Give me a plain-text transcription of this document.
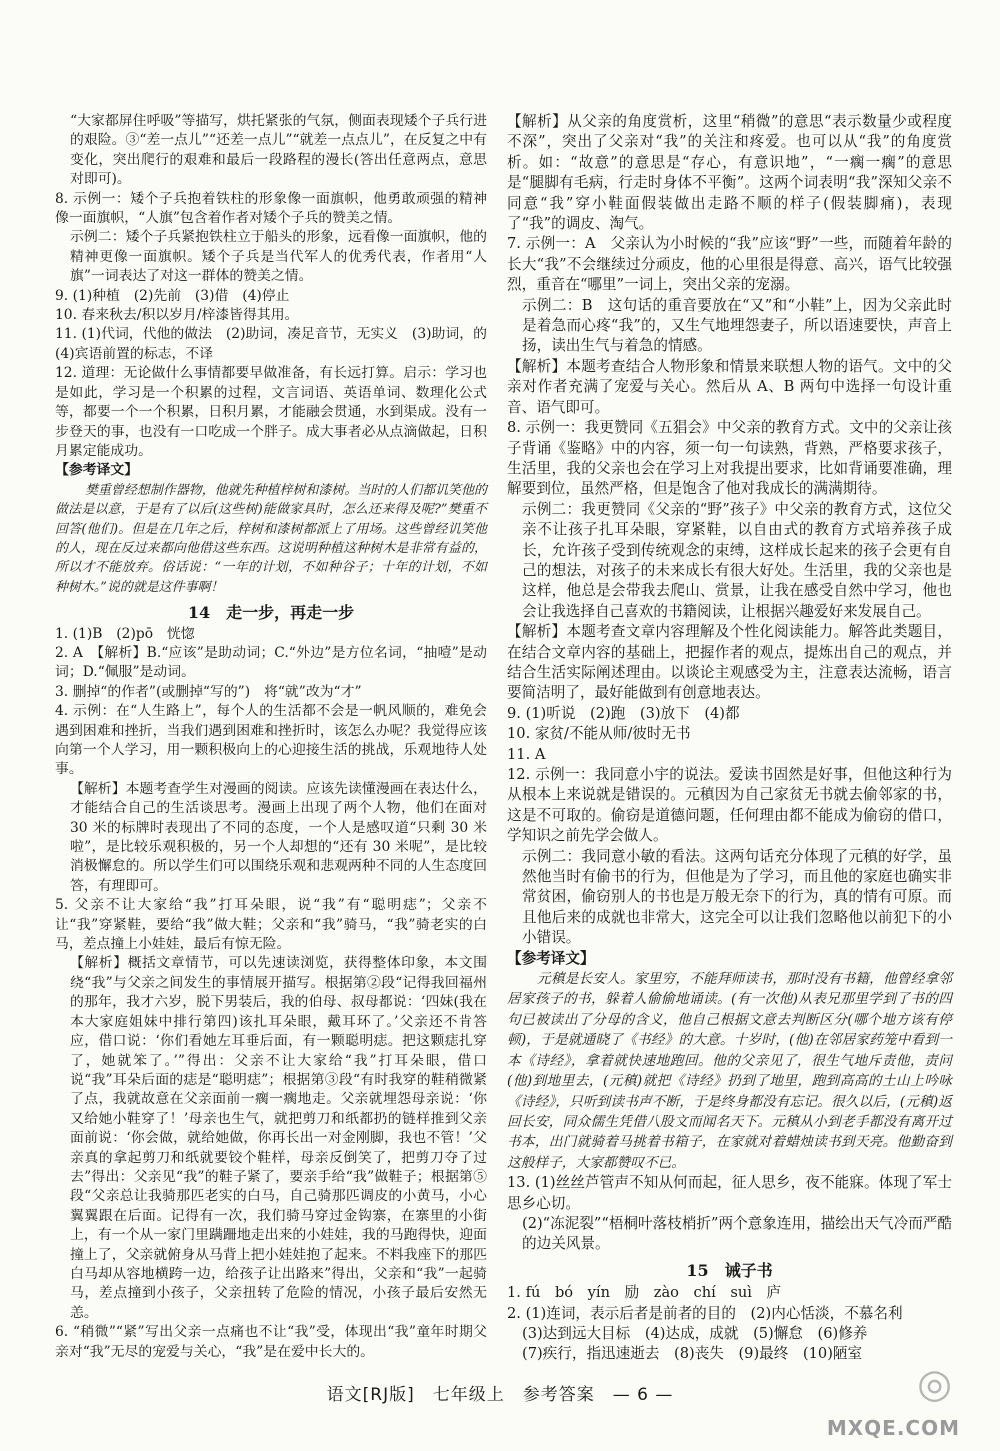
“大家都屏住呼吸”等描写，烘托紧张的气氛，侧面表现矮个子兵行进的艰险。③“差一点儿”“还差一点儿”“就差一点点儿”，在反复之中有变化，突出爬行的艰难和最后一段路程的漫长(答出任意两点，意思对即可)。

8. 示例一：矮个子兵抱着铁柱的形象像一面旗帜，他勇敢顽强的精神像一面旗帜，“人旗”包含着作者对矮个子兵的赞美之情。

示例二：矮个子兵紧抱铁柱立于船头的形象，远看像一面旗帜，他的精神更像一面旗帜。矮个子兵是当代军人的优秀代表，作者用“人旗”一词表达了对这一群体的赞美之情。

9. (1)种植　(2)先前　(3)借　(4)停止

10. 春来秋去/积以岁月/梓漆皆得其用。

11. (1)代词，代他的做法　(2)助词，凑足音节，无实义　(3)助词，的　(4)宾语前置的标志，不译

12. 道理：无论做什么事情都要早做准备，有长远打算。启示：学习也是如此，学习是一个积累的过程，文言词语、英语单词、数理化公式等，都要一个一个积累，日积月累，才能融会贯通，水到渠成。没有一步登天的事，也没有一口吃成一个胖子。成大事者必从点滴做起，日积月累定能成功。

【参考译文】

樊重曾经想制作器物，他就先种植梓树和漆树。当时的人们都讥笑他的做法是以意，于是有了以后(这些树)能做家具时，怎么还来得及呢?”樊重不回答(他们)。但是在几年之后，梓树和漆树都派上了用场。这些曾经讥笑他的人，现在反过来都向他借这些东西。这说明种植这种树木是非常有益的，所以才不能放弃。俗话说：“一年的计划，不如种谷子；十年的计划，不如种树木。”说的就是这件事啊！

14　走一步，再走一步

1. (1)B　(2)pō　恍惚

2. A　【解析】B.“应该”是助动词；C.“外边”是方位名词，“抽噎”是动词；D.“佩服”是动词。

3. 删掉“的作者”(或删掉“写的”)　将“就”改为“才”

4. 示例：在“人生路上”，每个人的生活都不会是一帆风顺的，难免会遇到困难和挫折，当我们遇到困难和挫折时，该怎么办呢？我觉得应该向第一个人学习，用一颗积极向上的心迎接生活的挑战，乐观地待人处事。

【解析】本题考查学生对漫画的阅读。应该先读懂漫画在表达什么，才能结合自己的生活谈思考。漫画上出现了两个人物，他们在面对 30 米的标牌时表现出了不同的态度，一个人是感叹道“只剩 30 米啦”，是比较乐观积极的，另一个人却想的“还有 30 米呢”，是比较消极懈怠的。所以学生们可以围绕乐观和悲观两种不同的人生态度回答，有理即可。

5. 父亲不让大家给“我”打耳朵眼，说“我”有“聪明痣”；父亲不让“我”穿紧鞋，要给“我”做大鞋；父亲和“我”骑马，“我”骑老实的白马，差点撞上小娃娃，最后有惊无险。

【解析】概括文章情节，可以先速读浏览，获得整体印象，本文围绕“我”与父亲之间发生的事情展开描写。根据第②段“记得我回福州的那年，我才六岁，脱下男装后，我的伯母、叔母都说：‘四妹(我在本大家庭姐妹中排行第四)该扎耳朵眼，戴耳环了。’父亲还不肯答应，借口说：‘你们看她左耳垂后面，有一颗聪明痣。把这颗痣扎穿了，她就笨了。’”得出：父亲不让大家给“我”打耳朵眼，借口说“我”耳朵后面的痣是“聪明痣”；根据第③段“有时我穿的鞋稍微紧了点，我就故意在父亲面前一瘸一瘸地走。父亲就埋怨母亲说：‘你又给她小鞋穿了！’母亲也生气，就把剪刀和纸都扔的链样推到父亲面前说：‘你会做，就给她做，你再长出一对金刚脚，我也不管！’父亲真的拿起剪刀和纸就要铰个鞋样，母亲反倒笑了，把剪刀夺了过去”得出：父亲见“我”的鞋子紧了，要亲手给“我”做鞋子；根据第⑤段“父亲总让我骑那匹老实的白马，自己骑那匹调皮的小黄马，小心翼翼跟在后面。记得有一次，我们骑马穿过金钩寨，在寨里的小街上，有一个从一家门里蹒跚地走出来的小娃娃，我的马跑得快，迎面撞上了，父亲就俯身从马背上把小娃娃抱了起来。不料我座下的那匹白马却从容地横跨一边，给孩子让出路来”得出，父亲和“我”一起骑马，差点撞到小孩子，父亲扭转了危险的情况，小孩子最后安然无恙。

6. “稍微”“紧”写出父亲一点痛也不让“我”受，体现出“我”童年时期父亲对“我”无尽的宠爱与关心，“我”是在爱中长大的。

【解析】从父亲的角度赏析，这里“稍微”的意思“表示数量少或程度不深”，突出了父亲对“我”的关注和疼爱。也可以从“我”的角度赏析。如：“故意”的意思是“存心，有意识地”，“一瘸一瘸”的意思是“腿脚有毛病，行走时身体不平衡”。这两个词表明“我”深知父亲不同意“我”穿小鞋面假装做出走路不顺的样子(假装脚痛)，表现了“我”的调皮、淘气。

7. 示例一：A　父亲认为小时候的“我”应该“野”一些，而随着年龄的长大“我”不会继续过分顽皮，他的心里很是得意、高兴，语气比较强烈，重音在“哪里”一词上，突出父亲的宠溺。

示例二：B　这句话的重音要放在“又”和“小鞋”上，因为父亲此时是着急而心疼“我”的，又生气地埋怨妻子，所以语速要快，声音上扬，读出生气与着急的情感。

【解析】本题考查结合人物形象和情景来联想人物的语气。文中的父亲对作者充满了宠爱与关心。然后从 A、B 两句中选择一句设计重音、语气即可。

8. 示例一：我更赞同《五猖会》中父亲的教育方式。文中的父亲让孩子背诵《鉴略》中的内容，须一句一句读熟，背熟，严格要求孩子，生活里，我的父亲也会在学习上对我提出要求，比如背诵要准确，理解要到位，虽然严格，但是饱含了他对我成长的满满期待。

示例二：我更赞同《父亲的“野”孩子》中父亲的教育方式，这位父亲不让孩子扎耳朵眼，穿紧鞋，以自由式的教育方式培养孩子成长，允许孩子受到传统观念的束缚，这样成长起来的孩子会更有自己的想法，对孩子的未来成长有很大好处。生活里，我的父亲也是这样，他总是会带我去爬山、赏景，让我在感受自然中学习，他也会让我选择自己喜欢的书籍阅读，让根据兴趣爱好来发展自己。

【解析】本题考查文章内容理解及个性化阅读能力。解答此类题目，在结合文章内容的基础上，把握作者的观点，提炼出自己的观点，并结合生活实际阐述理由。以谈论主观感受为主，注意表达流畅，语言要简洁明了，最好能做到有创意地表达。

9. (1)听说　(2)跑　(3)放下　(4)都

10. 家贫/不能从师/彼时无书

11. A

12. 示例一：我同意小宇的说法。爱读书固然是好事，但他这种行为从根本上来说就是错误的。元稹因为自己家贫无书就去偷邻家的书，这是不可取的。偷窃是道德问题，任何理由都不能成为偷窃的借口，学知识之前先学会做人。

示例二：我同意小敏的看法。这两句话充分体现了元稹的好学，虽然他当时有偷书的行为，但他是为了学习，而且他的家庭也确实非常贫困，偷窃别人的书也是万般无奈下的行为，真的情有可原。而且他后来的成就也非常大，这完全可以让我们忽略他以前犯下的小小错误。

【参考译文】

元稹是长安人。家里穷，不能拜师读书，那时没有书籍，他曾经拿邻居家孩子的书，躲着人偷偷地诵读。(有一次他)从表兄那里学到了书的四句已被读出了分母的含义，他自己根据文意去判断区分(哪个地方该有停顿)，于是就通晓了《书经》的大意。十岁时，(他)在邻居家药笼中看到一本《诗经》，拿着就快速地跑回。他的父亲见了，很生气地斥责他，责问(他)到地里去，(元稹)就把《诗经》扔到了地里，跑到高高的土山上吟咏《诗经》，只听到读书声不断，于是终身都没有忘记。很久以后，(元稹)返回长安，同众儒生凭借八股文而闻名天下。元稹从小到老手都没有离开过书本，出门就骑着马挑着书箱子，在家就对着蜡烛读书到天亮。他勤奋到这般样子，大家都赞叹不已。

13. (1)丝丝芦管声不知从何而起，征人思乡，夜不能寐。体现了军士思乡心切。

(2)“冻泥裂”“梧桐叶落枝梢折”两个意象连用，描绘出天气冷而严酷的边关风景。

15　诫子书

1. fú　bó　yín　励　zào　chí　suì　庐

2. (1)连词，表示后者是前者的目的　(2)内心恬淡，不慕名利

(3)达到远大目标　(4)达成，成就　(5)懈怠　(6)修养

(7)疾行，指迅速逝去　(8)丧失　(9)最终　(10)陋室

语文[RJ版]　七年级上　参考答案　— 6 —	◎
MXQE.COM
